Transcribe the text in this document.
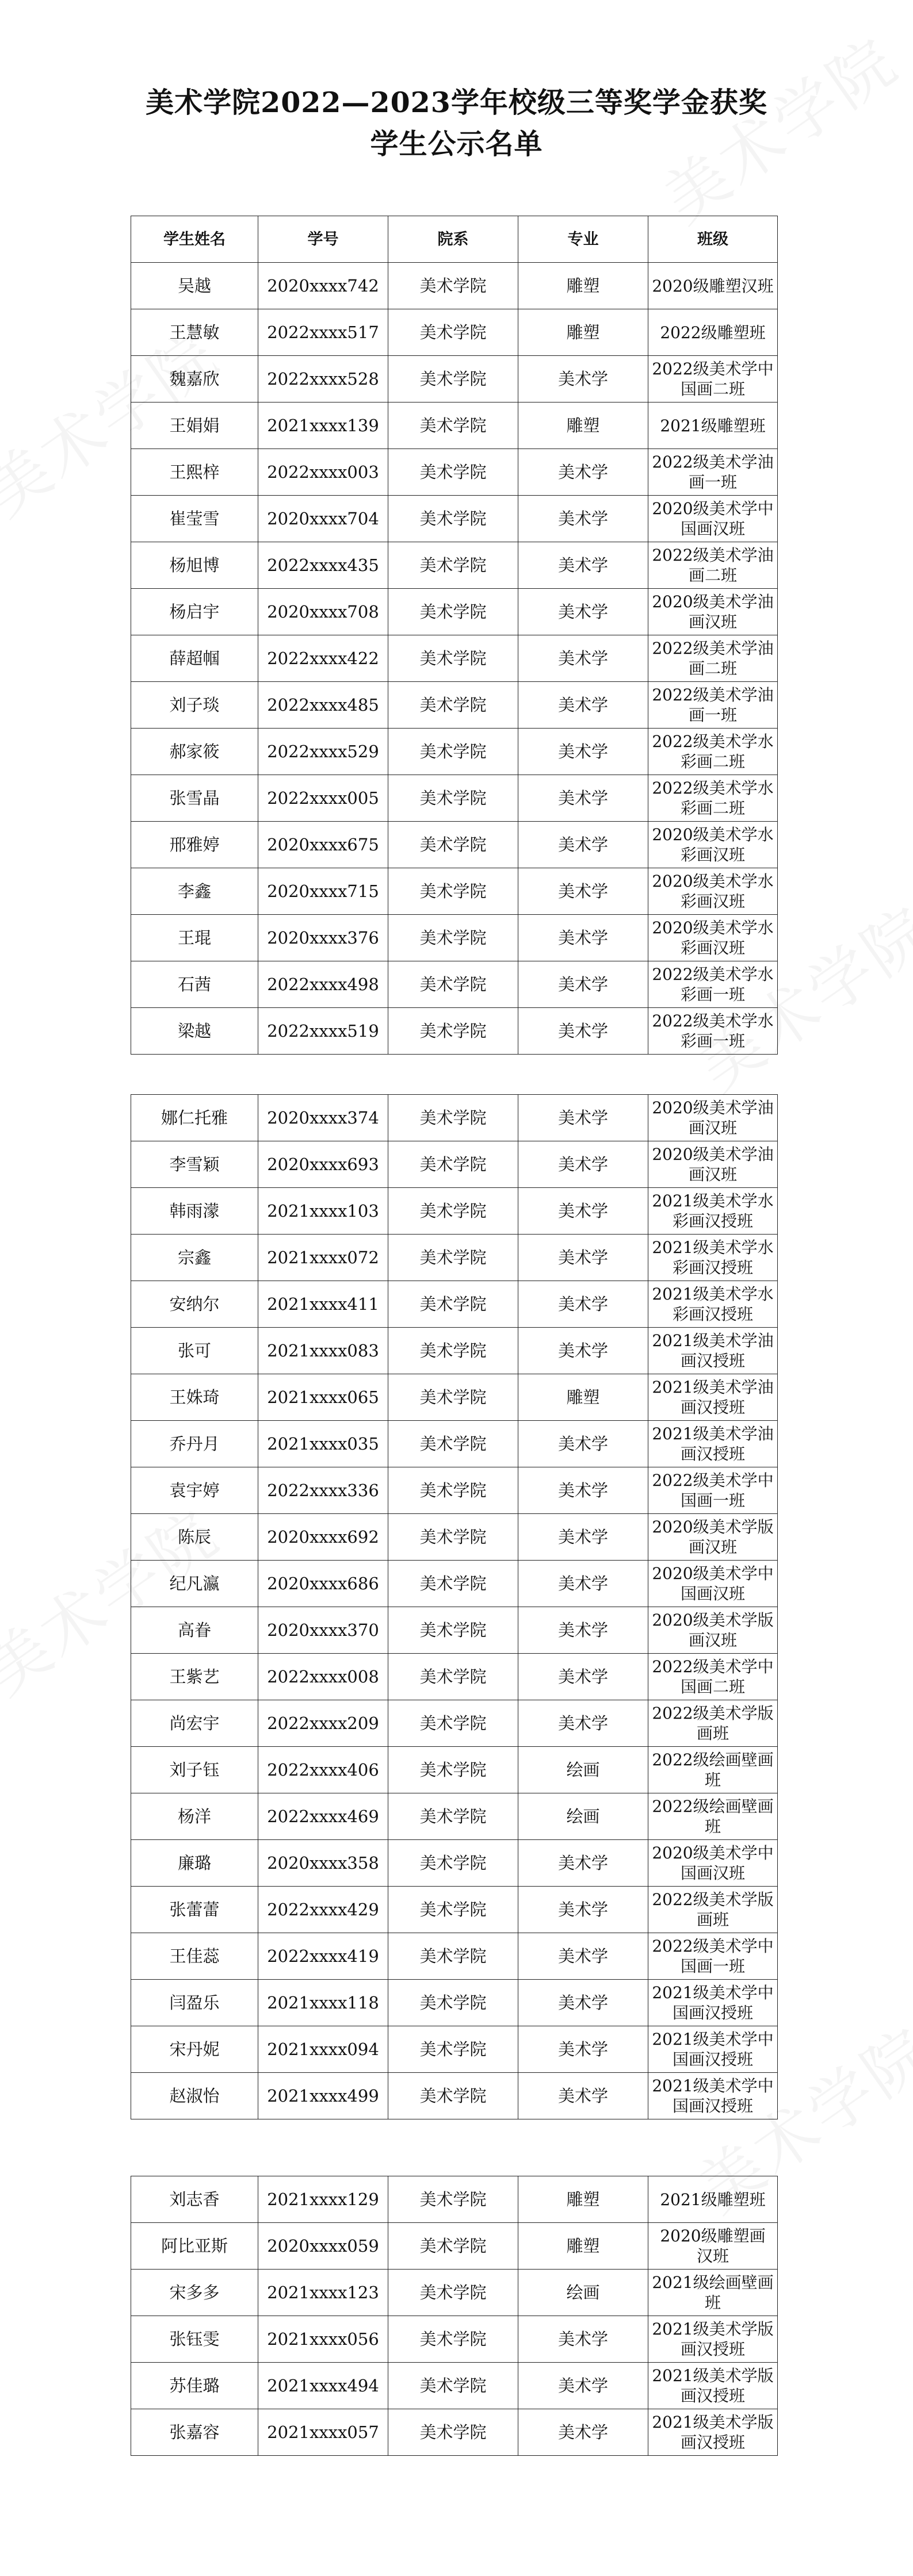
美术学院2022—2023学年校级三等奖学金获奖
学生公示名单
学生姓名	学号	院系	专业	班级
吴越	2020xxxx742	美术学院	雕塑	2020级雕塑汉班
王慧敏	2022xxxx517	美术学院	雕塑	2022级雕塑班
魏嘉欣	2022xxxx528	美术学院	美术学	2022级美术学中国画二班
王娟娟	2021xxxx139	美术学院	雕塑	2021级雕塑班
王熙梓	2022xxxx003	美术学院	美术学	2022级美术学油画一班
崔莹雪	2020xxxx704	美术学院	美术学	2020级美术学中国画汉班
杨旭博	2022xxxx435	美术学院	美术学	2022级美术学油画二班
杨启宇	2020xxxx708	美术学院	美术学	2020级美术学油画汉班
薛超帼	2022xxxx422	美术学院	美术学	2022级美术学油画二班
刘子琰	2022xxxx485	美术学院	美术学	2022级美术学油画一班
郝家筱	2022xxxx529	美术学院	美术学	2022级美术学水彩画二班
张雪晶	2022xxxx005	美术学院	美术学	2022级美术学水彩画二班
邢雅婷	2020xxxx675	美术学院	美术学	2020级美术学水彩画汉班
李鑫	2020xxxx715	美术学院	美术学	2020级美术学水彩画汉班
王琨	2020xxxx376	美术学院	美术学	2020级美术学水彩画汉班
石茜	2022xxxx498	美术学院	美术学	2022级美术学水彩画一班
梁越	2022xxxx519	美术学院	美术学	2022级美术学水彩画一班
娜仁托雅	2020xxxx374	美术学院	美术学	2020级美术学油画汉班
李雪颖	2020xxxx693	美术学院	美术学	2020级美术学油画汉班
韩雨濛	2021xxxx103	美术学院	美术学	2021级美术学水彩画汉授班
宗鑫	2021xxxx072	美术学院	美术学	2021级美术学水彩画汉授班
安纳尔	2021xxxx411	美术学院	美术学	2021级美术学水彩画汉授班
张可	2021xxxx083	美术学院	美术学	2021级美术学油画汉授班
王姝琦	2021xxxx065	美术学院	雕塑	2021级美术学油画汉授班
乔丹月	2021xxxx035	美术学院	美术学	2021级美术学油画汉授班
袁宇婷	2022xxxx336	美术学院	美术学	2022级美术学中国画一班
陈辰	2020xxxx692	美术学院	美术学	2020级美术学版画汉班
纪凡瀛	2020xxxx686	美术学院	美术学	2020级美术学中国画汉班
高眷	2020xxxx370	美术学院	美术学	2020级美术学版画汉班
王紫艺	2022xxxx008	美术学院	美术学	2022级美术学中国画二班
尚宏宇	2022xxxx209	美术学院	美术学	2022级美术学版画班
刘子钰	2022xxxx406	美术学院	绘画	2022级绘画壁画班
杨洋	2022xxxx469	美术学院	绘画	2022级绘画壁画班
廉璐	2020xxxx358	美术学院	美术学	2020级美术学中国画汉班
张蕾蕾	2022xxxx429	美术学院	美术学	2022级美术学版画班
王佳蕊	2022xxxx419	美术学院	美术学	2022级美术学中国画一班
闫盈乐	2021xxxx118	美术学院	美术学	2021级美术学中国画汉授班
宋丹妮	2021xxxx094	美术学院	美术学	2021级美术学中国画汉授班
赵淑怡	2021xxxx499	美术学院	美术学	2021级美术学中国画汉授班
刘志香	2021xxxx129	美术学院	雕塑	2021级雕塑班
阿比亚斯	2020xxxx059	美术学院	雕塑	2020级雕塑画 汉班
宋多多	2021xxxx123	美术学院	绘画	2021级绘画壁画班
张钰雯	2021xxxx056	美术学院	美术学	2021级美术学版画汉授班
苏佳璐	2021xxxx494	美术学院	美术学	2021级美术学版画汉授班
张嘉容	2021xxxx057	美术学院	美术学	2021级美术学版画汉授班
